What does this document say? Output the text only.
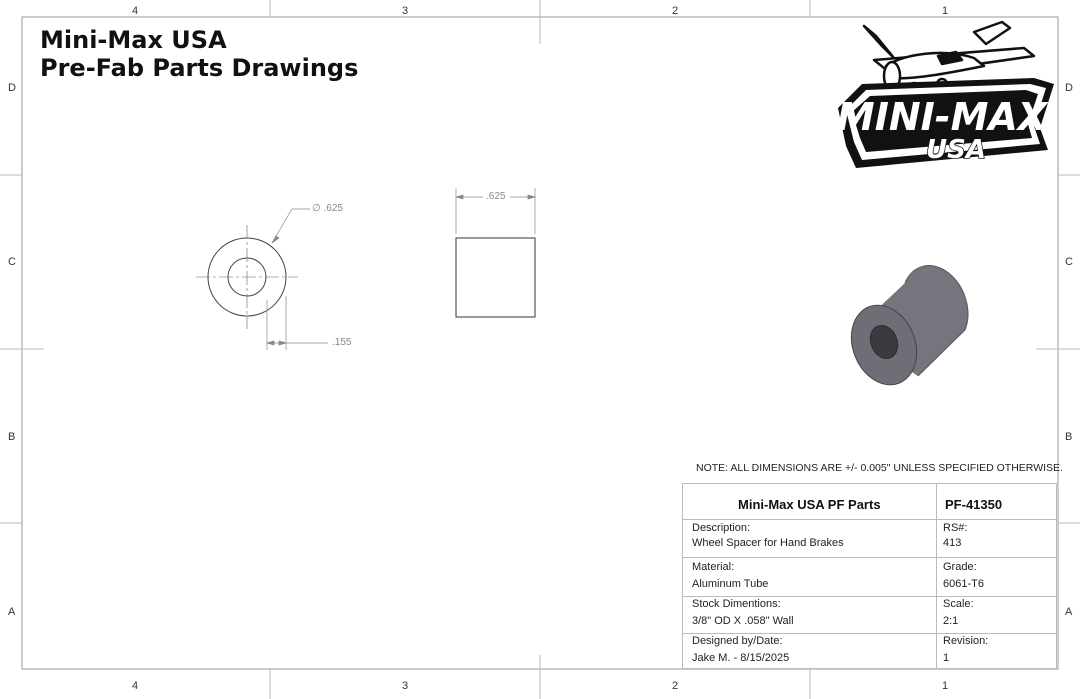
4	3	2	1
4	3	2	1
D
C
B
A
D
C
B
A
Mini-Max USA
Pre-Fab Parts Drawings
MINI-MAX
USA
∅ .625
.625
.155
NOTE: ALL DIMENSIONS ARE +/- 0.005" UNLESS SPECIFIED OTHERWISE.
Mini-Max USA PF Parts	PF-41350
Description:
Wheel Spacer for Hand Brakes
RS#:
413
Material:
Aluminum Tube
Grade:
6061-T6
Stock Dimentions:
3/8" OD X .058" Wall
Scale:
2:1
Designed by/Date:
Jake M. - 8/15/2025
Revision:
1
